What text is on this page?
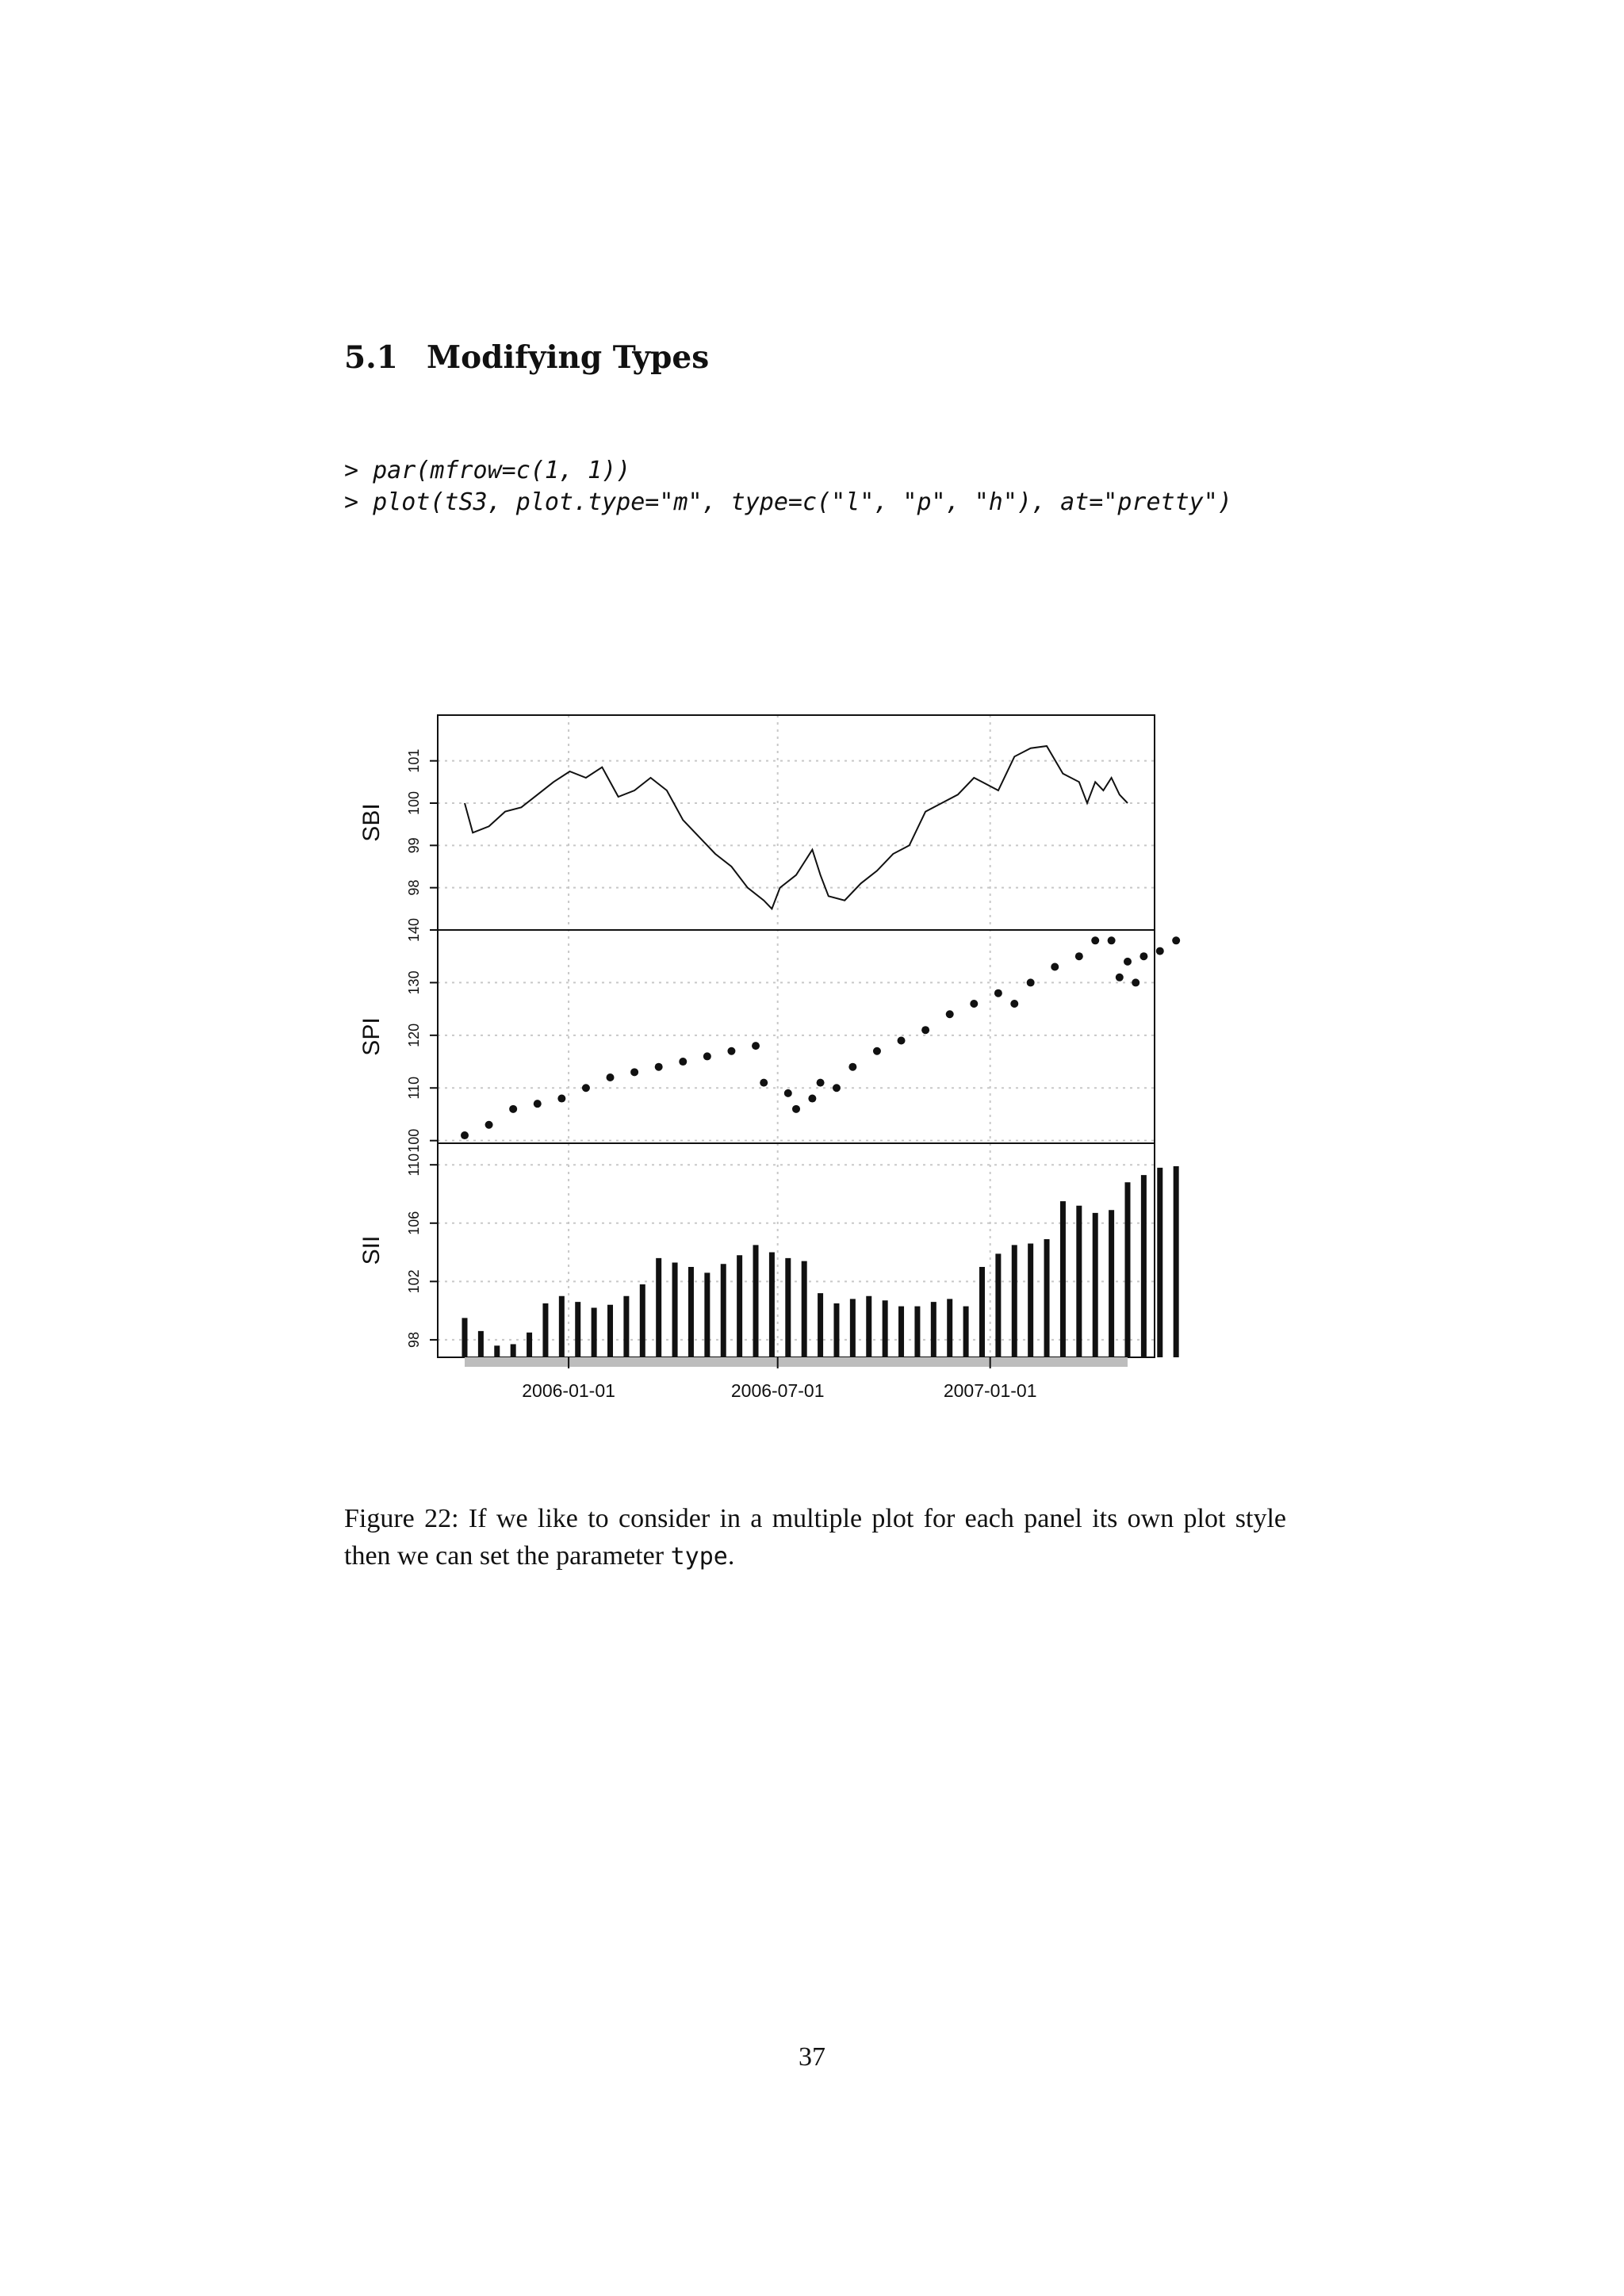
5.1 Modifying Types
> par(mfrow=c(1, 1))
> plot(tS3, plot.type="m", type=c("l", "p", "h"), at="pretty")
98
99
100
101
SBI
100
110
120
130
140
SPI
98
102
106
110
SII
2006-01-01	2006-07-01	2007-01-01

Figure 22: If we like to consider in a multiple plot for each panel its own plot style then we can set the parameter type.

37
